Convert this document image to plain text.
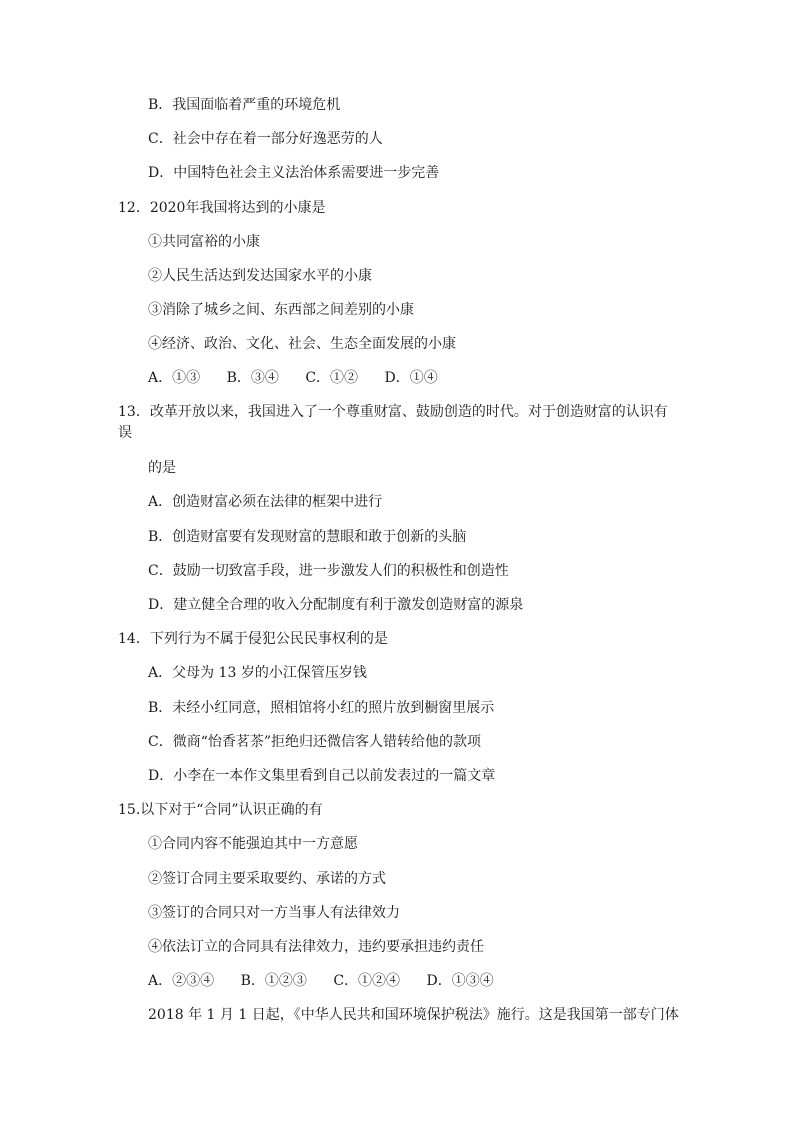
B．我国面临着严重的环境危机
C．社会中存在着一部分好逸恶劳的人
D．中国特色社会主义法治体系需要进一步完善
12．2020年我国将达到的小康是
①共同富裕的小康
②人民生活达到发达国家水平的小康
③消除了城乡之间、东西部之间差别的小康
④经济、政治、文化、社会、生态全面发展的小康
A．①③ B．③④ C．①② D．①④
13．改革开放以来，我国进入了一个尊重财富、鼓励创造的时代。对于创造财富的认识有
误
的是
A．创造财富必须在法律的框架中进行
B．创造财富要有发现财富的慧眼和敢于创新的头脑
C．鼓励一切致富手段，进一步激发人们的积极性和创造性
D．建立健全合理的收入分配制度有利于激发创造财富的源泉
14．下列行为不属于侵犯公民民事权利的是
A．父母为 13 岁的小江保管压岁钱
B．未经小红同意，照相馆将小红的照片放到橱窗里展示
C．微商“怡香茗茶”拒绝归还微信客人错转给他的款项
D．小李在一本作文集里看到自己以前发表过的一篇文章
15.以下对于“合同”认识正确的有
①合同内容不能强迫其中一方意愿
②签订合同主要采取要约、承诺的方式
③签订的合同只对一方当事人有法律效力
④依法订立的合同具有法律效力，违约要承担违约责任
A．②③④ B．①②③ C．①②④ D．①③④
2018 年 1 月 1 日起，《中华人民共和国环境保护税法》施行。这是我国第一部专门体
